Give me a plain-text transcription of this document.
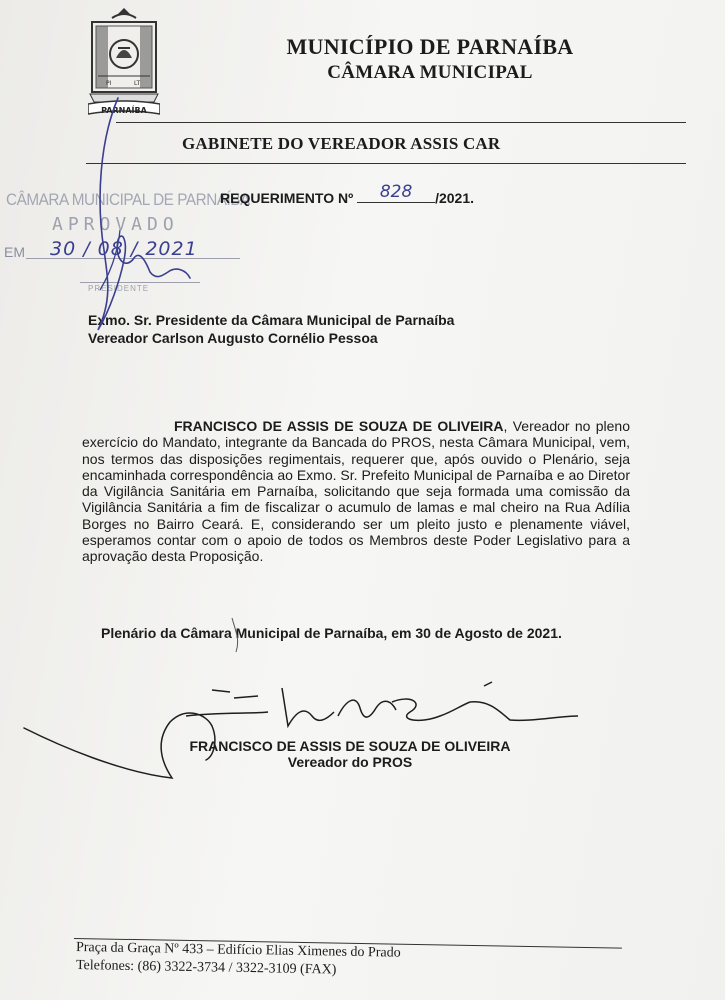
PI	LT
PARNAÍBA
MUNICÍPIO DE PARNAÍBA
CÂMARA MUNICIPAL
GABINETE DO VEREADOR ASSIS CAR
CÂMARA MUNICIPAL DE PARNAÍBA
APROVADO
EM 30 / 08 / 2021
PRESIDENTE
REQUERIMENTO Nº	828	/2021.
Exmo. Sr. Presidente da Câmara Municipal de Parnaíba
Vereador Carlson Augusto Cornélio Pessoa
FRANCISCO DE ASSIS DE SOUZA DE OLIVEIRA, Vereador no pleno exercício do Mandato, integrante da Bancada do PROS, nesta Câmara Municipal, vem, nos termos das disposições regimentais, requerer que, após ouvido o Plenário, seja encaminhada correspondência ao Exmo. Sr. Prefeito Municipal de Parnaíba e ao Diretor da Vigilância Sanitária em Parnaíba, solicitando que seja formada uma comissão da Vigilância Sanitária a fim de fiscalizar o acumulo de lamas e mal cheiro na Rua Adília Borges no Bairro Ceará. E, considerando ser um pleito justo e plenamente viável, esperamos contar com o apoio de todos os Membros deste Poder Legislativo para a aprovação desta Proposição.
Plenário da Câmara Municipal de Parnaíba, em 30 de Agosto de 2021.
FRANCISCO DE ASSIS DE SOUZA DE OLIVEIRA
Vereador do PROS
Praça da Graça Nº 433 – Edifício Elias Ximenes do Prado
Telefones: (86) 3322-3734 / 3322-3109 (FAX)
